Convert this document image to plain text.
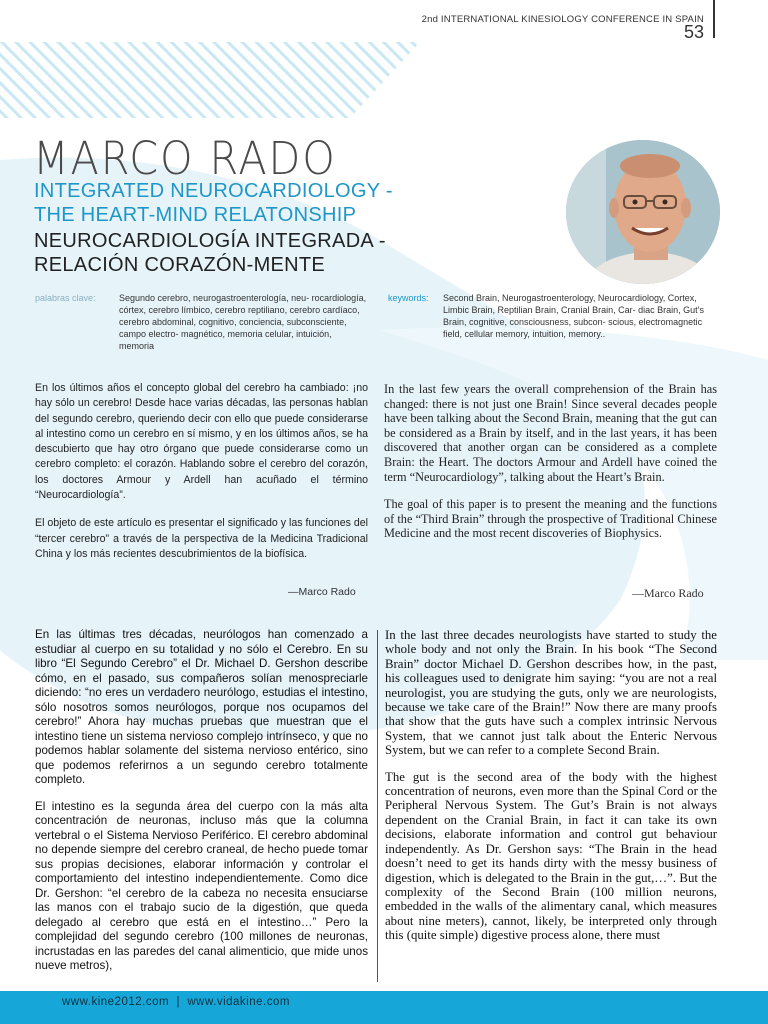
2nd INTERNATIONAL KINESIOLOGY CONFERENCE IN SPAIN
53
MARCO RADO
INTEGRATED NEUROCARDIOLOGY -
THE HEART-MIND RELATONSHIP
NEUROCARDIOLOGÍA INTEGRADA -
RELACIÓN CORAZÓN-MENTE
palabras clave:	Segundo cerebro, neurogastroenterología, neu- rocardiología, córtex, cerebro límbico, cerebro reptiliano, cerebro cardíaco, cerebro abdominal, cognitivo, conciencia, subconsciente, campo electro- magnético, memoria celular, intuición, memoria
keywords: Second Brain, Neurogastroenterology, Neurocardiology, Cortex, Limbic Brain, Reptilian Brain, Cranial Brain, Car- diac Brain, Gut’s Brain, cognitive, consciousness, subcon- scious, electromagnetic field, cellular memory, intuition, memory..

En los últimos años el concepto global del cerebro ha cambiado: ¡no hay sólo un cerebro! Desde hace varias décadas, las personas hablan del segundo cerebro, queriendo decir con ello que puede considerarse al intestino como un cerebro en sí mismo, y en los últimos años, se ha descubierto que hay otro órgano que puede considerarse como un cerebro completo: el corazón. Hablando sobre el cerebro del corazón, los doctores Armour y Ardell han acuñado el término “Neurocardiología”.

El objeto de este artículo es presentar el significado y las funciones del “tercer cerebro” a través de la perspectiva de la Medicina Tradicional China y los más recientes descubrimientos de la biofísica.

—Marco Rado

In the last few years the overall comprehension of the Brain has changed: there is not just one Brain! Since several decades people have been talking about the Second Brain, meaning that the gut can be considered as a Brain by itself, and in the last years, it has been discovered that another organ can be considered as a complete Brain: the Heart. The doctors Armour and Ardell have coined the term “Neurocardiology”, talking about the Heart’s Brain.

The goal of this paper is to present the meaning and the functions of the “Third Brain” through the prospective of Traditional Chinese Medicine and the most recent discoveries of Biophysics.

—Marco Rado

En las últimas tres décadas, neurólogos han comenzado a estudiar al cuerpo en su totalidad y no sólo el Cerebro. En su libro “El Segundo Cerebro” el Dr. Michael D. Gershon describe cómo, en el pasado, sus compañeros solían menospreciarle diciendo: “no eres un verdadero neurólogo, estudias el intestino, sólo nosotros somos neurólogos, porque nos ocupamos del cerebro!” Ahora hay muchas pruebas que muestran que el intestino tiene un sistema nervioso complejo intrínseco, y que no podemos hablar solamente del sistema nervioso entérico, sino que podemos referirnos a un segundo cerebro totalmente completo.

El intestino es la segunda área del cuerpo con la más alta concentración de neuronas, incluso más que la columna vertebral o el Sistema Nervioso Periférico. El cerebro abdominal no depende siempre del cerebro craneal, de hecho puede tomar sus propias decisiones, elaborar información y controlar el comportamiento del intestino independientemente. Como dice Dr. Gershon: “el cerebro de la cabeza no necesita ensuciarse las manos con el trabajo sucio de la digestión, que queda delegado al cerebro que está en el intestino…” Pero la complejidad del segundo cerebro (100 millones de neuronas, incrustadas en las paredes del canal alimenticio, que mide unos nueve metros),

In the last three decades neurologists have started to study the whole body and not only the Brain. In his book “The Second Brain” doctor Michael D. Gershon describes how, in the past, his colleagues used to denigrate him saying: “you are not a real neurologist, you are studying the guts, only we are neurologists, because we take care of the Brain!” Now there are many proofs that show that the guts have such a complex intrinsic Nervous System, that we cannot just talk about the Enteric Nervous System, but we can refer to a complete Second Brain.

The gut is the second area of the body with the highest concentration of neurons, even more than the Spinal Cord or the Peripheral Nervous System. The Gut’s Brain is not always dependent on the Cranial Brain, in fact it can take its own decisions, elaborate information and control gut behaviour independently. As Dr. Gershon says: “The Brain in the head doesn’t need to get its hands dirty with the messy business of digestion, which is delegated to the Brain in the gut,…”. But the complexity of the Second Brain (100 million neurons, embedded in the walls of the alimentary canal, which measures about nine meters), cannot, likely, be interpreted only through this (quite simple) digestive process alone, there must

www.kine2012.com  |  www.vidakine.com
